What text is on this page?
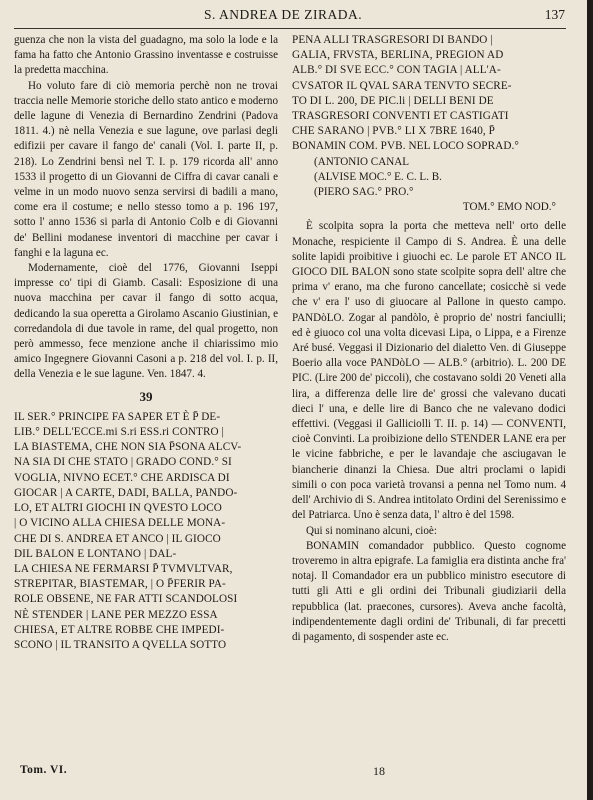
S. ANDREA DE ZIRADA.	137

guenza che non la vista del guadagno, ma solo la lode e la fama ha fatto che Antonio Grassino inventasse e costruisse la predetta macchina.

Ho voluto fare di ciò memoria perchè non ne trovai traccia nelle Memorie storiche dello stato antico e moderno delle lagune di Venezia di Bernardino Zendrini (Padova 1811. 4.) nè nella Venezia e sue lagune, ove parlasi degli edifizii per cavare il fango de' canali (Vol. I. parte II, p. 218). Lo Zendrini bensì nel T. I. p. 179 ricorda all' anno 1533 il progetto di un Giovanni de Ciffra di cavar canali e velme in un modo nuovo senza servirsi di badili a mano, come era il costume; e nello stesso tomo a p. 196 197, sotto l' anno 1536 si parla di Antonio Colb e di Giovanni de' Bellini modanese inventori di macchine per cavar i fanghi e la laguna ec.

Modernamente, cioè del 1776, Giovanni Iseppi impresse co' tipi di Giamb. Casali: Esposizione di una nuova macchina per cavar il fango di sotto acqua, dedicando la sua operetta a Girolamo Ascanio Giustinian, e corredandola di due tavole in rame, del qual progetto, non però ammesso, fece menzione anche il chiarissimo mio amico Ingegnere Giovanni Casoni a p. 218 del vol. I. p. II, della Venezia e le sue lagune. Ven. 1847. 4.

39
IL SER.° PRINCIPE FA SAPER ET È P̄ DE-
LIB.° DELL'ECCE.mi S.ri ESS.ri CONTRO |
LA BIASTEMA, CHE NON SIA P̄SONA ALCV-
NA SIA DI CHE STATO | GRADO COND.° SI
VOGLIA, NIVNO ECET.° CHE ARDISCA DI
GIOCAR | A CARTE, DADI, BALLA, PANDO-
LO, ET ALTRI GIOCHI IN QVESTO LOCO
| O VICINO ALLA CHIESA DELLE MONA-
CHE DI S. ANDREA ET ANCO | IL GIOCO
DIL BALON E LONTANO | DAL-
LA CHIESA NE FERMARSI P̄ TVMVLTVAR,
STREPITAR, BIASTEMAR, | O P̄FERIR PA-
ROLE OBSENE, NE FAR ATTI SCANDOLOSI
NÈ STENDER | LANE PER MEZZO ESSA
CHIESA, ET ALTRE ROBBE CHE IMPEDI-
SCONO | IL TRANSITO A QVELLA SOTTO
PENA ALLI TRASGRESORI DI BANDO |
GALIA, FRVSTA, BERLINA, PREGION AD
ALB.° DI SVE ECC.° CON TAGIA | ALL'A-
CVSATOR IL QVAL SARA TENVTO SECRE-
TO DI L. 200, DE PIC.li | DELLI BENI DE
TRASGRESORI CONVENTI ET CASTIGATI
CHE SARANO | PVB.° LI X 7BRE 1640, P̄
BONAMIN COM. PVB. NEL LOCO SOPRAD.°
(ANTONIO CANAL
(ALVISE MOC.° E. C. L. B.
(PIERO SAG.° PRO.°
TOM.° EMO NOD.°

È scolpita sopra la porta che metteva nell' orto delle Monache, respiciente il Campo di S. Andrea. È una delle solite lapidi proibitive i giuochi ec. Le parole ET ANCO IL GIOCO DIL BALON sono state scolpite sopra dell' altre che prima v' erano, ma che furono cancellate; cosicchè si vede che v' era l' uso di giuocare al Pallone in questo campo. PANDòLO. Zogar al pandòlo, è proprio de' nostri fanciulli; ed è giuoco col una volta dicevasi Lipa, o Lippa, e a Firenze Aré busé. Veggasi il Dizionario del dialetto Ven. di Giuseppe Boerio alla voce PANDòLO — ALB.° (arbitrio). L. 200 DE PIC. (Lire 200 de' piccoli), che costavano soldi 20 Veneti alla lira, a differenza delle lire de' grossi che valevano ducati dieci l' una, e delle lire di Banco che ne valevano dodici effettivi. (Veggasi il Galliciolli T. II. p. 14) — CONVENTI, cioè Convinti. La proibizione dello STENDER LANE era per le vicine fabbriche, e per le lavandaje che asciugavan le biancherie dinanzi la Chiesa. Due altri proclami o lapidi simili o con poca varietà trovansi a penna nel Tomo num. 4 dell' Archivio di S. Andrea intitolato Ordini del Serenissimo e del Patriarca. Uno è senza data, l' altro è del 1598.

Qui si nominano alcuni, cioè:

BONAMIN comandador pubblico. Questo cognome troveremo in altra epigrafe. La famiglia era distinta anche fra' notaj. Il Comandador era un pubblico ministro esecutore di tutti gli Atti e gli ordini dei Tribunali giudiziarii della repubblica (lat. praecones, cursores). Aveva anche facoltà, indipendentemente dagli ordini de' Tribunali, di far precetti di pagamento, di sospender aste ec.

Tom. VI.	18
